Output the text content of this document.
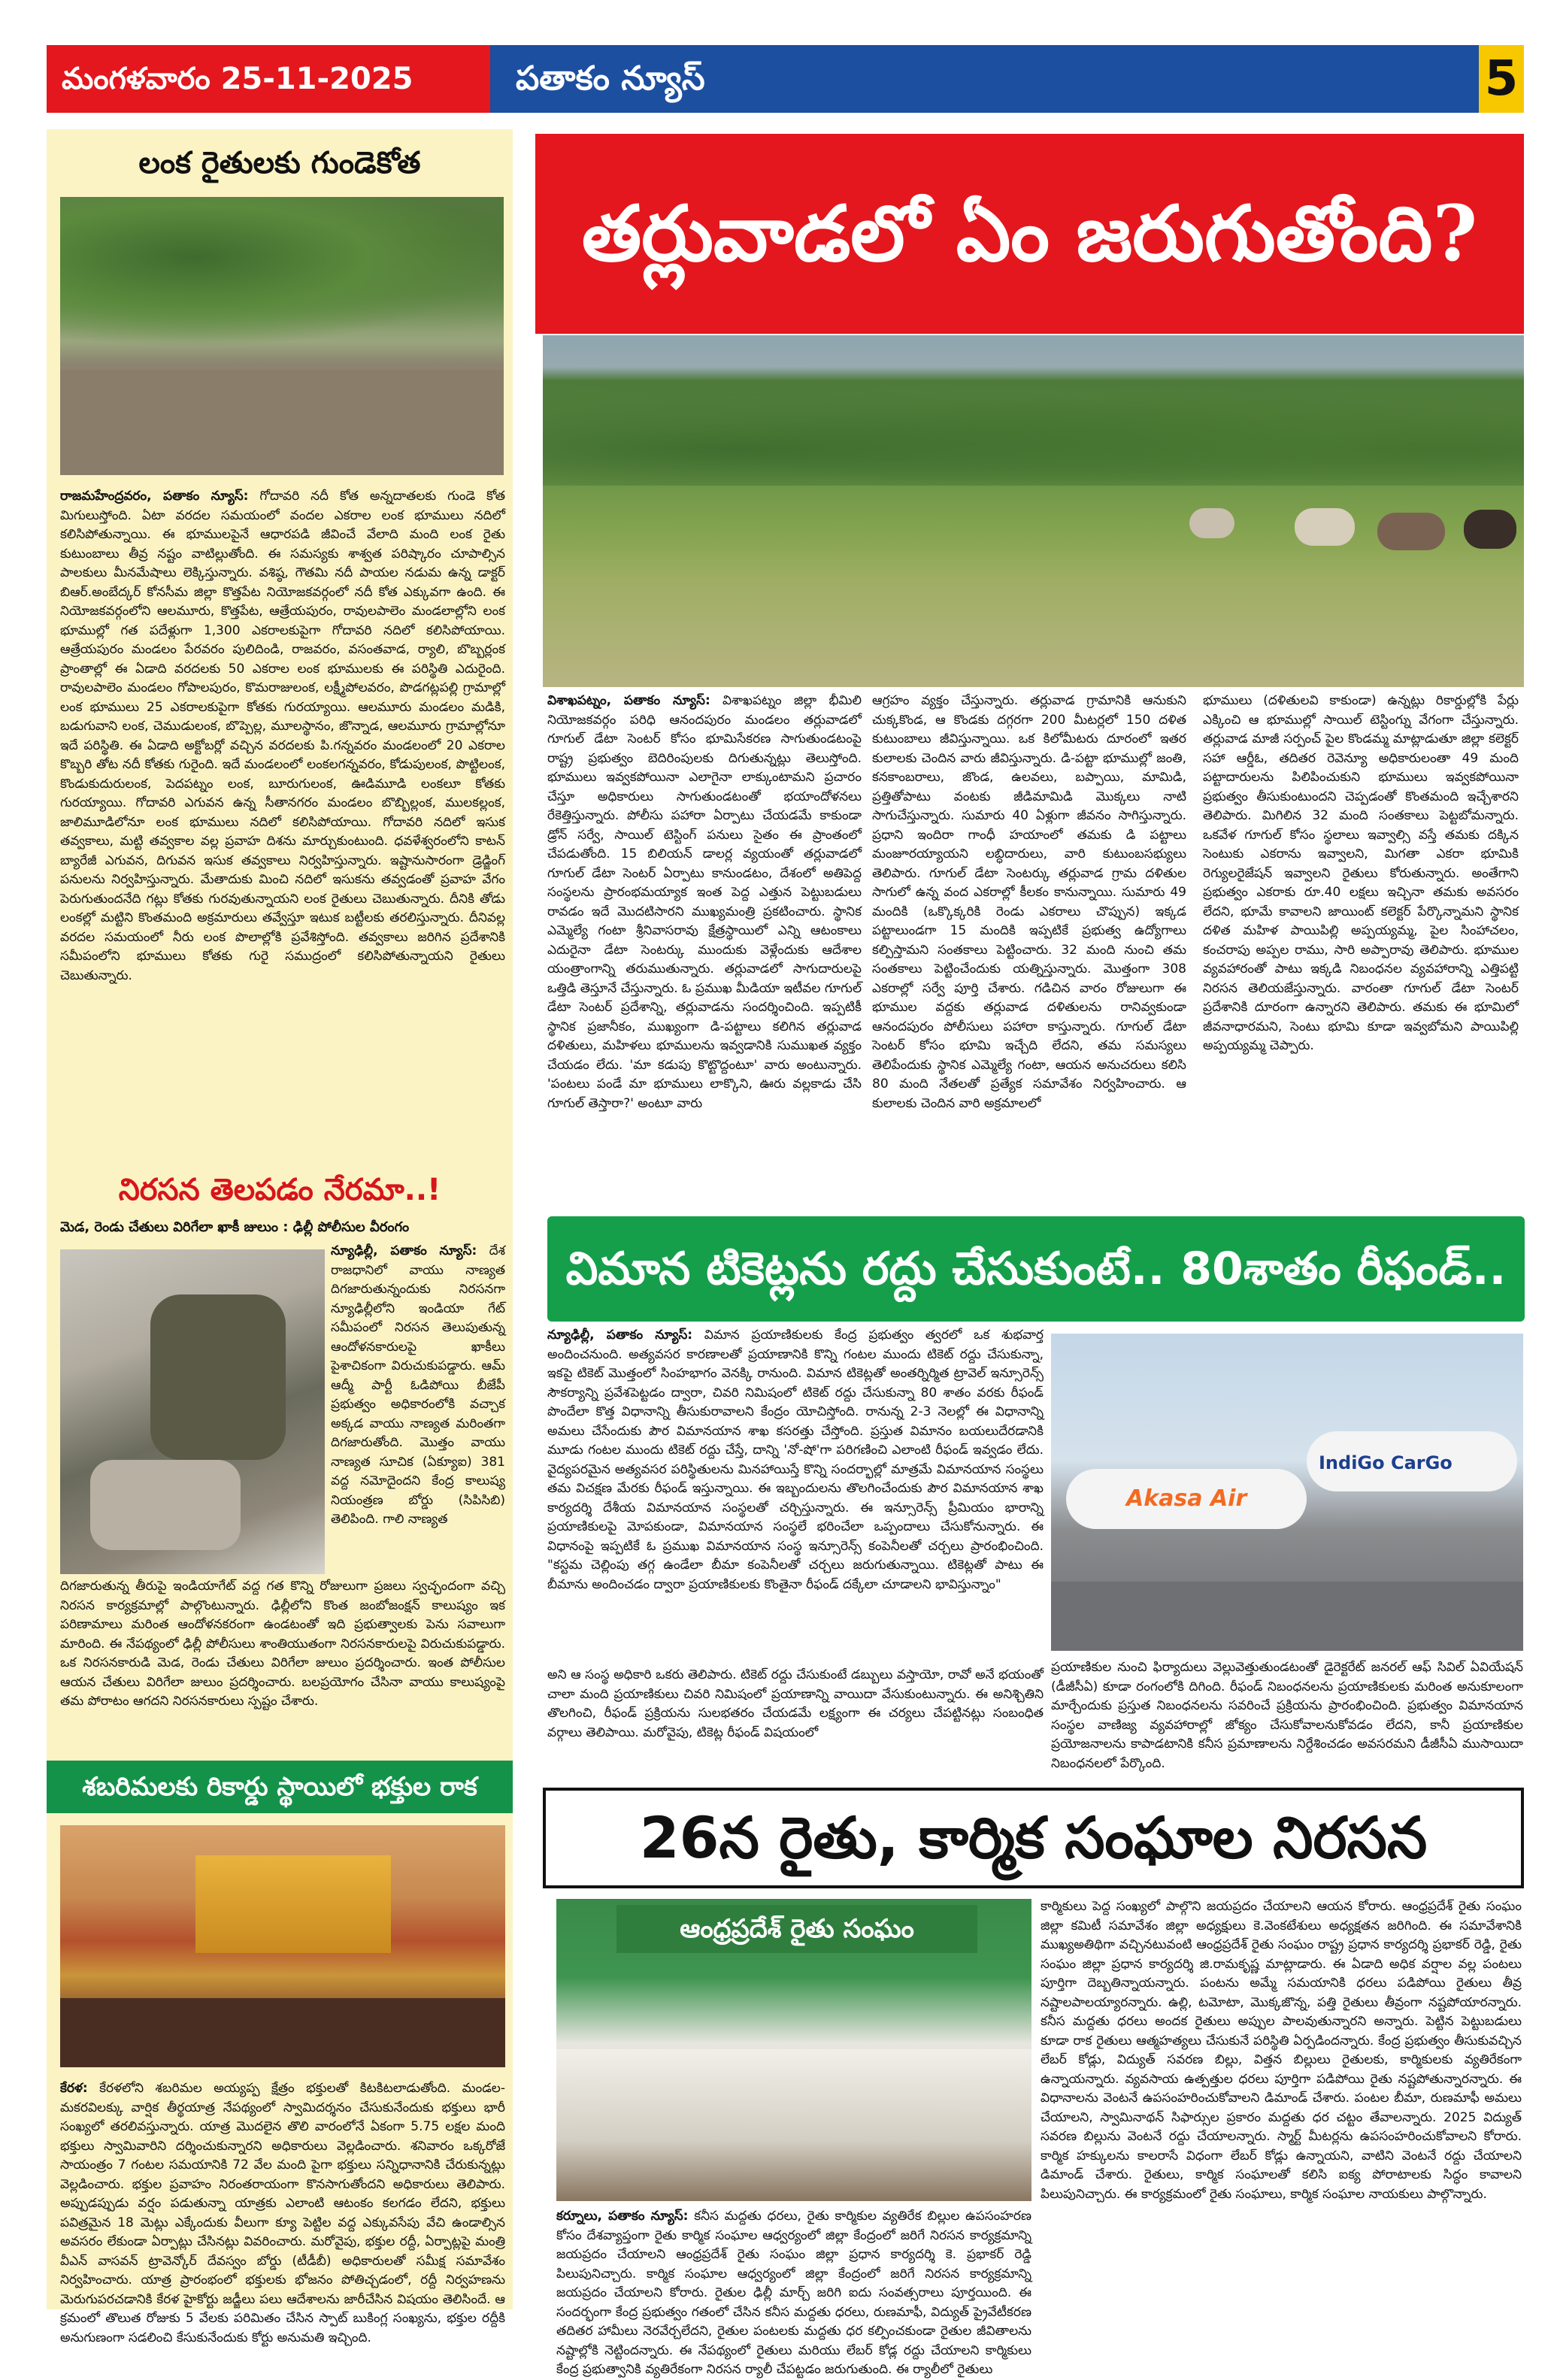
మంగళవారం 25-11-2025	పతాకం న్యూస్	5
లంక రైతులకు గుండెకోత
రాజమహేంద్రవరం, పతాకం న్యూస్: గోదావరి నదీ కోత అన్నదాతలకు గుండె కోత మిగులుస్తోంది. ఏటా వరదల సమయంలో వందల ఎకరాల లంక భూములు నదిలో కలిసిపోతున్నాయి. ఈ భూములపైనే ఆధారపడి జీవించే వేలాది మంది లంక రైతు కుటుంబాలు తీవ్ర నష్టం వాటిల్లుతోంది. ఈ సమస్యకు శాశ్వత పరిష్కారం చూపాల్సిన పాలకులు మీనమేషాలు లెక్కిస్తున్నారు. వశిష్ఠ, గౌతమి నదీ పాయల నడుమ ఉన్న డాక్టర్ బిఆర్.అంబేద్కర్ కోనసీమ జిల్లా కొత్తపేట నియోజకవర్గంలో నదీ కోత ఎక్కువగా ఉంది. ఈ నియోజకవర్గంలోని ఆలమూరు, కొత్తపేట, ఆత్రేయపురం, రావులపాలెం మండలాల్లోని లంక భూముల్లో గత పదేళ్లుగా 1,300 ఎకరాలకుపైగా గోదావరి నదిలో కలిసిపోయాయి. ఆత్రేయపురం మండలం పేరవరం పులిదిండి, రాజవరం, వసంతవాడ, ర్యాలి, బొబ్బర్లంక ప్రాంతాల్లో ఈ ఏడాది వరదలకు 50 ఎకరాల లంక భూములకు ఈ పరిస్థితి ఎదురైంది. రావులపాలెం మండలం గోపాలపురం, కొమరాజులంక, లక్ష్మీపోలవరం, పొడగట్లపల్లి గ్రామాల్లో లంక భూములు 25 ఎకరాలకుపైగా కోతకు గురయ్యాయి. ఆలమూరు మండలం మడికి, బడుగువాని లంక, చెముడులంక, బొప్పెల్ల, మూలస్థానం, జొన్నాడ, ఆలమూరు గ్రామాల్లోనూ ఇదే పరిస్థితి. ఈ ఏడాది అక్టోబర్లో వచ్చిన వరదలకు పి.గన్నవరం మండలంలో 20 ఎకరాల కొబ్బరి తోట నదీ కోతకు గురైంది. ఇదే మండలంలో లంకలగన్నవరం, కోడుపులంక, పొట్టిలంక, కొండుకుదురులంక, పెదపట్నం లంక, బూరుగులంక, ఊడిమూడి లంకలూ కోతకు గురయ్యాయి. గోదావరి ఎగువన ఉన్న సీతానగరం మండలం బొబ్బిల్లంక, ములకల్లంక, జాలిమూడిలోనూ లంక భూములు నదిలో కలిసిపోయాయి. గోదావరి నదిలో ఇసుక తవ్వకాలు, మట్టి తవ్వకాల వల్ల ప్రవాహ దిశను మార్చుకుంటుంది. ధవళేశ్వరంలోని కాటన్ బ్యారేజీ ఎగువన, దిగువన ఇసుక తవ్వకాలు నిర్వహిస్తున్నారు. ఇష్టానుసారంగా డ్రెడ్జింగ్ పనులను నిర్వహిస్తున్నారు. మేతాదుకు మించి నదిలో ఇసుకను తవ్వడంతో ప్రవాహ వేగం పెరుగుతుందనేది గట్లు కోతకు గురవుతున్నాయని లంక రైతులు చెబుతున్నారు. దీనికి తోడు లంకల్లో మట్టిని కొంతమంది అక్రమారులు తవ్వేస్తూ ఇటుక బట్టీలకు తరలిస్తున్నారు. దీనివల్ల వరదల సమయంలో నీరు లంక పొలాల్లోకి ప్రవేశిస్తోంది. తవ్వకాలు జరిగిన ప్రదేశానికి సమీపంలోని భూములు కోతకు గురై సముద్రంలో కలిసిపోతున్నాయని రైతులు చెబుతున్నారు.
నిరసన తెలపడం నేరమా..!
మెడ, రెండు చేతులు విరిగేలా ఖాకీ జులుం : ఢిల్లీ పోలీసుల వీరంగం
న్యూఢిల్లీ, పతాకం న్యూస్: దేశ రాజధానిలో వాయు నాణ్యత దిగజారుతున్నందుకు నిరసనగా న్యూఢిల్లీలోని ఇండియా గేట్ సమీపంలో నిరసన తెలుపుతున్న ఆందోళనకారులపై ఖాకీలు పైశాచికంగా విరుచుకుపడ్డారు. ఆమ్ ఆద్మీ పార్టీ ఓడిపోయి బీజేపీ ప్రభుత్వం అధికారంలోకి వచ్చాక అక్కడ వాయు నాణ్యత మరింతగా దిగజారుతోంది. మొత్తం వాయు నాణ్యత సూచిక (ఏక్యూఐ) 381 వద్ద నమోదైందని కేంద్ర కాలుష్య నియంత్రణ బోర్డు (సిపిసిబి) తెలిపింది. గాలి నాణ్యత
దిగజారుతున్న తీరుపై ఇండియాగేట్ వద్ద గత కొన్ని రోజులుగా ప్రజలు స్వచ్ఛందంగా వచ్చి నిరసన కార్యక్రమాల్లో పాల్గొంటున్నారు. ఢిల్లీలోని కొంత జంబోజంక్షన్ కాలుష్యం ఇక పరిణామాలు మరింత ఆందోళనకరంగా ఉండటంతో ఇది ప్రభుత్వాలకు పెను సవాలుగా మారింది. ఈ నేపథ్యంలో ఢిల్లీ పోలీసులు శాంతియుతంగా నిరసనకారులపై విరుచుకుపడ్డారు. ఒక నిరసనకారుడి మెడ, రెండు చేతులు విరిగేలా జులుం ప్రదర్శించారు. ఇంత పోలీసుల ఆయన చేతులు విరిగేలా జులుం ప్రదర్శించారు. బలప్రయోగం చేసినా వాయు కాలుష్యంపై తమ పోరాటం ఆగదని నిరసనకారులు స్పష్టం చేశారు.
శబరిమలకు రికార్డు స్థాయిలో భక్తుల రాక
కేరళ: కేరళలోని శబరిమల అయ్యప్ప క్షేత్రం భక్తులతో కిటకిటలాడుతోంది. మండల-మకరవిలక్కు వార్షిక తీర్థయాత్ర నేపథ్యంలో స్వామిదర్శనం చేసుకునేందుకు భక్తులు భారీ సంఖ్యలో తరలివస్తున్నారు. యాత్ర మొదలైన తొలి వారంలోనే ఏకంగా 5.75 లక్షల మంది భక్తులు స్వామివారిని దర్శించుకున్నారని అధికారులు వెల్లడించారు. శనివారం ఒక్కరోజే సాయంత్రం 7 గంటల సమయానికి 72 వేల మంది పైగా భక్తులు సన్నిధానానికి చేరుకున్నట్లు వెల్లడించారు. భక్తుల ప్రవాహం నిరంతరాయంగా కొనసాగుతోందని అధికారులు తెలిపారు. అప్పుడప్పుడు వర్షం పడుతున్నా యాత్రకు ఎలాంటి ఆటంకం కలగడం లేదని, భక్తులు పవిత్రమైన 18 మెట్లు ఎక్కేందుకు వీలుగా క్యూ పెట్టిల వద్ద ఎక్కువసేపు వేచి ఉండాల్సిన అవసరం లేకుండా ఏర్పాట్లు చేసినట్లు వివరించారు. మరోవైపు, భక్తుల రద్దీ, ఏర్పాట్లపై మంత్రి వీఎన్ వాసవన్ ట్రావెన్కోర్ దేవస్వం బోర్డు (టీడీబీ) అధికారులతో సమీక్ష సమావేశం నిర్వహించారు. యాత్ర ప్రారంభంలో భక్తులకు భోజనం పోతిచ్చడంలో, రద్దీ నిర్వహణను మెరుగుపరచడానికి కేరళ హైకోర్టు జడ్జీలు పలు ఆదేశాలను జారీచేసిన విషయం తెలిసిందే. ఆ క్రమంలో తొలుత రోజుకు 5 వేలకు పరిమితం చేసిన స్పాట్ బుకింగ్ల సంఖ్యను, భక్తుల రద్దీకి అనుగుణంగా సడలించి కేసుకునేందుకు కోర్టు అనుమతి ఇచ్చింది.
తర్లువాడలో ఏం జరుగుతోంది?
విశాఖపట్నం, పతాకం న్యూస్: విశాఖపట్నం జిల్లా భీమిలి నియోజకవర్గం పరిధి ఆనందపురం మండలం తర్లువాడలో గూగుల్ డేటా సెంటర్ కోసం భూమిసేకరణ సాగుతుండటంపై రాష్ట్ర ప్రభుత్వం బెదిరింపులకు దిగుతున్నట్లు తెలుస్తోంది. భూములు ఇవ్వకపోయినా ఎలాగైనా లాక్కుంటామని ప్రచారం చేస్తూ అధికారులు సాగుతుండటంతో భయాందోళనలు రేకెత్తిస్తున్నారు. పోలీసు పహారా ఏర్పాటు చేయడమే కాకుండా డ్రోన్ సర్వే, సాయిల్ టెస్టింగ్ పనులు సైతం ఈ ప్రాంతంలో చేపడుతోంది. 15 బిలియన్ డాలర్ల వ్యయంతో తర్లువాడలో గూగుల్ డేటా సెంటర్ ఏర్పాటు కానుండటం, దేశంలో అతిపెద్ద సంస్థలను ప్రారంభమయ్యాక ఇంత పెద్ద ఎత్తున పెట్టుబడులు రావడం ఇదే మొదటిసారని ముఖ్యమంత్రి ప్రకటించారు. స్థానిక ఎమ్మెల్యే గంటా శ్రీనివాసరావు క్షేత్రస్థాయిలో ఎన్ని ఆటంకాలు ఎదురైనా డేటా సెంటర్కు ముందుకు వెళ్లేందుకు ఆదేశాల యంత్రాంగాన్ని తరుముతున్నారు. తర్లువాడలో సాగుదారులపై ఒత్తిడి తెస్తూనే చేస్తున్నారు. ఓ ప్రముఖ మీడియా ఇటీవల గూగుల్ డేటా సెంటర్ ప్రదేశాన్ని, తర్లువాడను సందర్శించింది. ఇప్పటికీ స్థానిక ప్రజానీకం, ముఖ్యంగా డి-పట్టాలు కలిగిన తర్లువాడ దళితులు, మహిళలు భూములను ఇవ్వడానికి సుముఖత వ్యక్తం చేయడం లేదు. 'మా కడుపు కొట్టొద్దంటూ' వారు అంటున్నారు. 'పంటలు పండే మా భూములు లాక్కొని, ఊరు వల్లకాడు చేసి గూగుల్ తెస్తారా?' అంటూ వారు
ఆగ్రహం వ్యక్తం చేస్తున్నారు. తర్లువాడ గ్రామానికి ఆనుకుని చుక్కకొండ, ఆ కొండకు దగ్గరగా 200 మీటర్లలో 150 దళిత కుటుంబాలు జీవిస్తున్నాయి. ఒక కిలోమీటరు దూరంలో ఇతర కులాలకు చెందిన వారు జీవిస్తున్నారు. డి-పట్టా భూముల్లో జంతి, కనకాంబరాలు, జొండ, ఉలవలు, బప్పాయి, మామిడి, ప్రత్తితోపాటు వంటకు జీడిమామిడి మొక్కలు నాటి సాగుచేస్తున్నారు. సుమారు 40 ఏళ్లుగా జీవనం సాగిస్తున్నారు. ప్రధాని ఇందిరా గాంధీ హయాంలో తమకు డి పట్టాలు మంజూరయ్యాయని లబ్ధిదారులు, వారి కుటుంబసభ్యులు తెలిపారు. గూగుల్ డేటా సెంటర్కు తర్లువాడ గ్రామ దళితుల సాగులో ఉన్న వంద ఎకరాల్లో కీలకం కానున్నాయి. సుమారు 49 మందికి (ఒక్కొక్కరికి రెండు ఎకరాలు చొప్పున) ఇక్కడ పట్టాలుండగా 15 మందికి ఇప్పటికే ప్రభుత్వ ఉద్యోగాలు కల్పిస్తామని సంతకాలు పెట్టించారు. 32 మంది నుంచి తమ సంతకాలు పెట్టించేందుకు యత్నిస్తున్నారు. మొత్తంగా 308 ఎకరాల్లో సర్వే పూర్తి చేశారు. గడిచిన వారం రోజులుగా ఈ భూముల వద్దకు తర్లువాడ దళితులను రానివ్వకుండా ఆనందపురం పోలీసులు పహారా కాస్తున్నారు. గూగుల్ డేటా సెంటర్ కోసం భూమి ఇచ్చేది లేదని, తమ సమస్యలు తెలిపేందుకు స్థానిక ఎమ్మెల్యే గంటా, ఆయన అనుచరులు కలిసి 80 మంది నేతలతో ప్రత్యేక సమావేశం నిర్వహించారు. ఆ కులాలకు చెందిన వారి అక్రమాలలో
భూములు (దళితులవి కాకుండా) ఉన్నట్లు రికార్డుల్లోకి పేర్లు ఎక్కించి ఆ భూముల్లో సాయిల్ టెస్టింగ్ను వేగంగా చేస్తున్నారు. తర్లువాడ మాజీ సర్పంచ్ పైల కొండమ్మ మాట్లాడుతూ జిల్లా కలెక్టర్ సహా ఆర్డీఓ, తదితర రెవెన్యూ అధికారులంతా 49 మంది పట్టాదారులను పిలిపించుకుని భూములు ఇవ్వకపోయినా ప్రభుత్వం తీసుకుంటుందని చెప్పడంతో కొంతమంది ఇచ్చేశారని తెలిపారు. మిగిలిన 32 మంది సంతకాలు పెట్టబోమన్నారు. ఒకవేళ గూగుల్ కోసం స్థలాలు ఇవ్వాల్సి వస్తే తమకు దక్కిన సెంటుకు ఎకరాను ఇవ్వాలని, మిగతా ఎకరా భూమికి రెగ్యులరైజేషన్ ఇవ్వాలని రైతులు కోరుతున్నారు. అంతేగాని ప్రభుత్వం ఎకరాకు రూ.40 లక్షలు ఇచ్చినా తమకు అవసరం లేదని, భూమే కావాలని జాయింట్ కలెక్టర్ పేర్కొన్నామని స్థానిక దళిత మహిళ పాయిపిల్లి అప్పయ్యమ్మ, పైల సింహాచలం, కంచరాపు అప్పల రాము, సారి అప్పారావు తెలిపారు. భూముల వ్యవహారంతో పాటు ఇక్కడి నిబంధనల వ్యవహారాన్ని ఎత్తిపట్టి నిరసన తెలియజేస్తున్నారు. వారంతా గూగుల్ డేటా సెంటర్ ప్రదేశానికి దూరంగా ఉన్నారని తెలిపారు. తమకు ఈ భూమిలో జీవనాధారమని, సెంటు భూమి కూడా ఇవ్వబోమని పాయిపిల్లి అప్పయ్యమ్మ చెప్పారు.
విమాన టికెట్లను రద్దు చేసుకుంటే.. 80శాతం రీఫండ్..
న్యూఢిల్లీ, పతాకం న్యూస్: విమాన ప్రయాణికులకు కేంద్ర ప్రభుత్వం త్వరలో ఒక శుభవార్త అందించనుంది. అత్యవసర కారణాలతో ప్రయాణానికి కొన్ని గంటల ముందు టికెట్ రద్దు చేసుకున్నా, ఇకపై టికెట్ మొత్తంలో సింహభాగం వెనక్కి రానుంది. విమాన టికెట్లతో అంతర్నిర్మిత ట్రావెల్ ఇన్సూరెన్స్ సౌకర్యాన్ని ప్రవేశపెట్టడం ద్వారా, చివరి నిమిషంలో టికెట్ రద్దు చేసుకున్నా 80 శాతం వరకు రీఫండ్ పొందేలా కొత్త విధానాన్ని తీసుకురావాలని కేంద్రం యోచిస్తోంది. రానున్న 2-3 నెలల్లో ఈ విధానాన్ని అమలు చేసేందుకు పౌర విమానయాన శాఖ కసరత్తు చేస్తోంది. ప్రస్తుత విమానం బయలుదేరడానికి మూడు గంటల ముందు టికెట్ రద్దు చేస్తే, దాన్ని 'నో-షో'గా పరిగణించి ఎలాంటి రీఫండ్ ఇవ్వడం లేదు. వైద్యపరమైన అత్యవసర పరిస్థితులను మినహాయిస్తే కొన్ని సందర్భాల్లో మాత్రమే విమానయాన సంస్థలు తమ విచక్షణ మేరకు రీఫండ్ ఇస్తున్నాయి. ఈ ఇబ్బందులను తొలగించేందుకు పౌర విమానయాన శాఖ కార్యదర్శి దేశీయ విమానయాన సంస్థలతో చర్చిస్తున్నారు. ఈ ఇన్సూరెన్స్ ప్రీమియం భారాన్ని ప్రయాణికులపై మోపకుండా, విమానయాన సంస్థలే భరించేలా ఒప్పందాలు చేసుకోనున్నారు. ఈ విధానంపై ఇప్పటికే ఓ ప్రముఖ విమానయాన సంస్థ ఇన్సూరెన్స్ కంపెనీలతో చర్చలు ప్రారంభించింది. "కస్టమ చెల్లింపు తగ్గ ఉండేలా బీమా కంపెనీలతో చర్చలు జరుగుతున్నాయి. టికెట్లతో పాటు ఈ బీమాను అందించడం ద్వారా ప్రయాణికులకు కొంతైనా రీఫండ్ దక్కేలా చూడాలని భావిస్తున్నాం"
Akasa Air
IndiGo CarGo
అని ఆ సంస్థ అధికారి ఒకరు తెలిపారు. టికెట్ రద్దు చేసుకుంటే డబ్బులు వస్తాయో, రావో అనే భయంతో చాలా మంది ప్రయాణికులు చివరి నిమిషంలో ప్రయాణాన్ని వాయిదా వేసుకుంటున్నారు. ఈ అనిశ్చితిని తొలగించి, రీఫండ్ ప్రక్రియను సులభతరం చేయడమే లక్ష్యంగా ఈ చర్యలు చేపట్టినట్లు సంబంధిత వర్గాలు తెలిపాయి. మరోవైపు, టికెట్ల రీఫండ్ విషయంలో
ప్రయాణికుల నుంచి ఫిర్యాదులు వెల్లువెత్తుతుండటంతో డైరెక్టరేట్ జనరల్ ఆఫ్ సివిల్ ఏవియేషన్ (డీజీసీఏ) కూడా రంగంలోకి దిగింది. రీఫండ్ నిబంధనలను ప్రయాణికులకు మరింత అనుకూలంగా మార్చేందుకు ప్రస్తుత నిబంధనలను సవరించే ప్రక్రియను ప్రారంభించింది. ప్రభుత్వం విమానయాన సంస్థల వాణిజ్య వ్యవహారాల్లో జోక్యం చేసుకోవాలనుకోవడం లేదని, కానీ ప్రయాణికుల ప్రయోజనాలను కాపాడటానికి కనీస ప్రమాణాలను నిర్దేశించడం అవసరమని డీజీసీఏ ముసాయిదా నిబంధనలలో పేర్కొంది.
26న రైతు, కార్మిక సంఘాల నిరసన
ఆంధ్రప్రదేశ్ రైతు సంఘం
కర్నూలు, పతాకం న్యూస్: కనీస మద్దతు ధరలు, రైతు కార్మికుల వ్యతిరేక బిల్లుల ఉపసంహరణ కోసం దేశవ్యాప్తంగా రైతు కార్మిక సంఘాల ఆధ్వర్యంలో జిల్లా కేంద్రంలో జరిగే నిరసన కార్యక్రమాన్ని జయప్రదం చేయాలని ఆంధ్రప్రదేశ్ రైతు సంఘం జిల్లా ప్రధాన కార్యదర్శి కె. ప్రభాకర్ రెడ్డి పిలుపునిచ్చారు. కార్మిక సంఘాల ఆధ్వర్యంలో జిల్లా కేంద్రంలో జరిగే నిరసన కార్యక్రమాన్ని జయప్రదం చేయాలని కోరారు. రైతుల ఢిల్లీ మార్చ్ జరిగి ఐదు సంవత్సరాలు పూర్తయింది. ఈ సందర్భంగా కేంద్ర ప్రభుత్వం గతంలో చేసిన కనీస మద్దతు ధరలు, రుణమాఫీ, విద్యుత్ ప్రైవేటీకరణ తదితర హామీలు నెరవేర్చలేదని, రైతుల పంటలకు మద్దతు ధర కల్పించకుండా రైతుల జీవితాలను నష్టాల్లోకి నెట్టిందన్నారు. ఈ నేపథ్యంలో రైతులు మరియు లేబర్ కోడ్ల రద్దు చేయాలని కార్మికులు కేంద్ర ప్రభుత్వానికి వ్యతిరేకంగా నిరసన ర్యాలీ చేపట్టడం జరుగుతుంది. ఈ ర్యాలీలో రైతులు
కార్మికులు పెద్ద సంఖ్యలో పాల్గొని జయప్రదం చేయాలని ఆయన కోరారు. ఆంధ్రప్రదేశ్ రైతు సంఘం జిల్లా కమిటీ సమావేశం జిల్లా అధ్యక్షులు కె.వెంకటేశులు అధ్యక్షతన జరిగింది. ఈ సమావేశానికి ముఖ్యఅతిథిగా వచ్చినటువంటి ఆంధ్రప్రదేశ్ రైతు సంఘం రాష్ట్ర ప్రధాన కార్యదర్శి ప్రభాకర్ రెడ్డి, రైతు సంఘం జిల్లా ప్రధాన కార్యదర్శి జి.రామకృష్ణ మాట్లాడారు. ఈ ఏడాది అధిక వర్షాల వల్ల పంటలు పూర్తిగా దెబ్బతిన్నాయన్నారు. పంటను అమ్మే సమయానికి ధరలు పడిపోయి రైతులు తీవ్ర నష్టాలపాలయ్యారన్నారు. ఉల్లి, టమోటా, మొక్కజొన్న, పత్తి రైతులు తీవ్రంగా నష్టపోయారన్నారు. కనీస మద్దతు ధరలు అందక రైతులు అప్పుల పాలవుతున్నారని అన్నారు. పెట్టిన పెట్టుబడులు కూడా రాక రైతులు ఆత్మహత్యలు చేసుకునే పరిస్థితి ఏర్పడిందన్నారు. కేంద్ర ప్రభుత్వం తీసుకువచ్చిన లేబర్ కోడ్లు, విద్యుత్ సవరణ బిల్లు, విత్తన బిల్లులు రైతులకు, కార్మికులకు వ్యతిరేకంగా ఉన్నాయన్నారు. వ్యవసాయ ఉత్పత్తుల ధరలు పూర్తిగా పడిపోయి రైతు నష్టపోతున్నారన్నారు. ఈ విధానాలను వెంటనే ఉపసంహరించుకోవాలని డిమాండ్ చేశారు. పంటల బీమా, రుణమాఫీ అమలు చేయాలని, స్వామినాథన్ సిఫార్సుల ప్రకారం మద్దతు ధర చట్టం తేవాలన్నారు. 2025 విద్యుత్ సవరణ బిల్లును వెంటనే రద్దు చేయాలన్నారు. స్మార్ట్ మీటర్లను ఉపసంహరించుకోవాలని కోరారు. కార్మిక హక్కులను కాలరాసే విధంగా లేబర్ కోడ్లు ఉన్నాయని, వాటిని వెంటనే రద్దు చేయాలని డిమాండ్ చేశారు. రైతులు, కార్మిక సంఘాలతో కలిసి ఐక్య పోరాటాలకు సిద్ధం కావాలని పిలుపునిచ్చారు. ఈ కార్యక్రమంలో రైతు సంఘాలు, కార్మిక సంఘాల నాయకులు పాల్గొన్నారు.
